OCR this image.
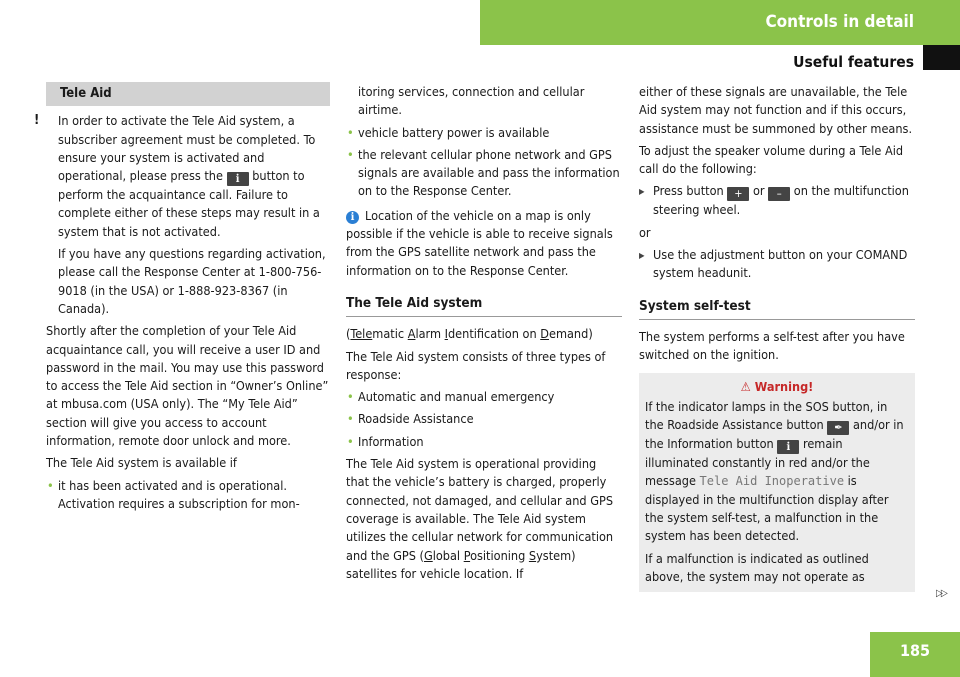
Controls in detail
Useful features
Tele Aid
! In order to activate the Tele Aid system, a subscriber agreement must be completed. To ensure your system is activated and operational, please press the ℹ button to perform the acquaintance call. Failure to complete either of these steps may result in a system that is not activated.

If you have any questions regarding activation, please call the Response Center at 1-800-756-9018 (in the USA) or 1-888-923-8367 (in Canada).

Shortly after the completion of your Tele Aid acquaintance call, you will receive a user ID and password in the mail. You may use this password to access the Tele Aid section in “Owner’s Online” at mbusa.com (USA only). The “My Tele Aid” section will give you access to account information, remote door unlock and more.

The Tele Aid system is available if

• it has been activated and is operational. Activation requires a subscription for mon-
itoring services, connection and cellular airtime.
• vehicle battery power is available
• the relevant cellular phone network and GPS signals are available and pass the information on to the Response Center.
i Location of the vehicle on a map is only possible if the vehicle is able to receive signals from the GPS satellite network and pass the information on to the Response Center.
The Tele Aid system

(Telematic Alarm Identification on Demand)

The Tele Aid system consists of three types of response:

• Automatic and manual emergency
• Roadside Assistance
• Information

The Tele Aid system is operational providing that the vehicle’s battery is charged, properly connected, not damaged, and cellular and GPS coverage is available. The Tele Aid system utilizes the cellular network for communication and the GPS (Global Positioning System) satellites for vehicle location. If

either of these signals are unavailable, the Tele Aid system may not function and if this occurs, assistance must be summoned by other means.

To adjust the speaker volume during a Tele Aid call do the following:

▶ Press button + or – on the multifunction steering wheel.

or

▶ Use the adjustment button on your COMAND system headunit.
System self-test

The system performs a self-test after you have switched on the ignition.

⚠ Warning!

If the indicator lamps in the SOS button, in the Roadside Assistance button ✒ and/or in the Information button ℹ remain illuminated constantly in red and/or the message Tele Aid Inoperative is displayed in the multifunction display after the system self-test, a malfunction in the system has been detected.

If a malfunction is indicated as outlined above, the system may not operate as

▷▷
185
